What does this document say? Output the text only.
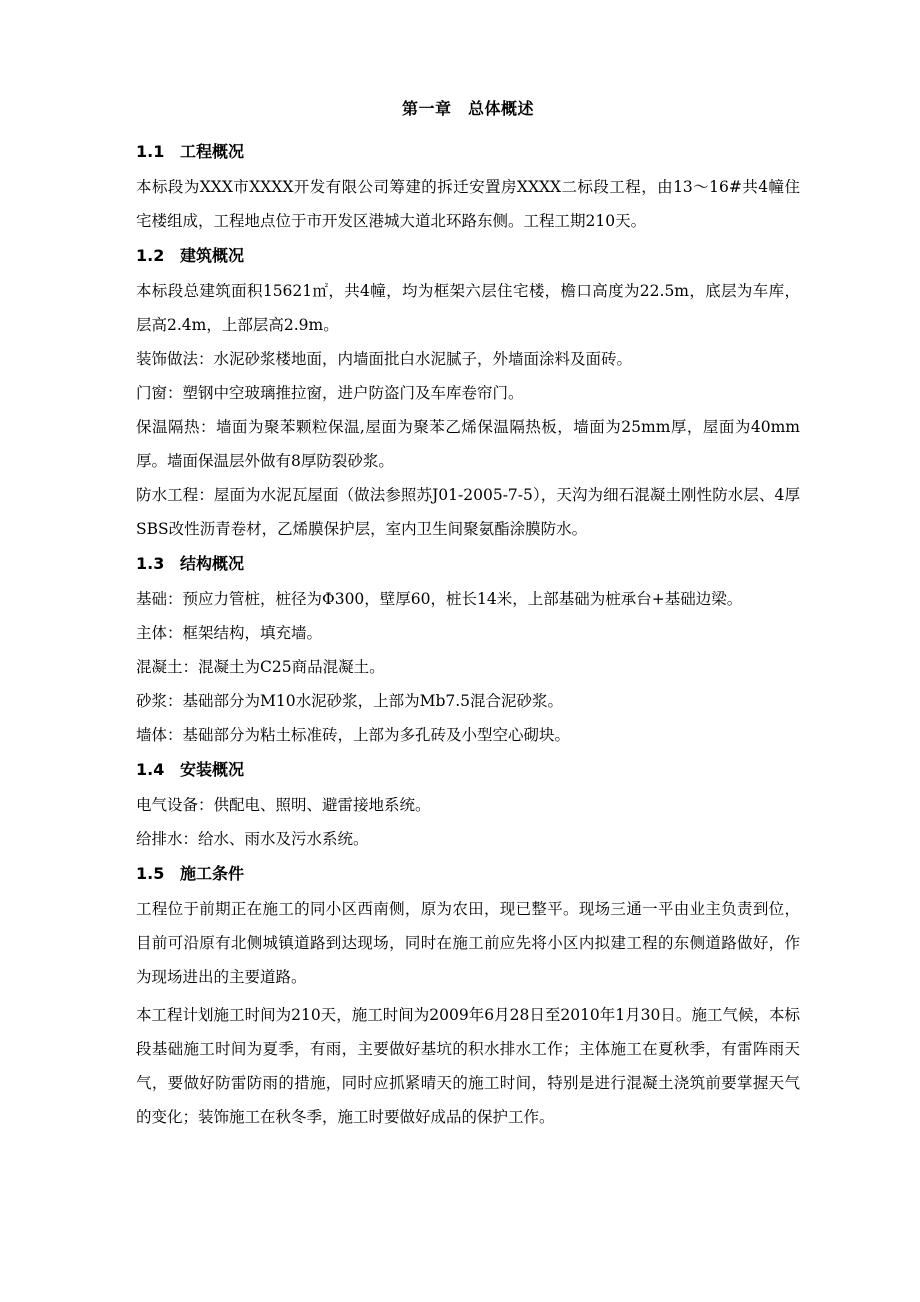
第一章　总体概述
1.1 工程概况

本标段为XXX市XXXX开发有限公司筹建的拆迁安置房XXXX二标段工程，由13～16#共4幢住宅楼组成，工程地点位于市开发区港城大道北环路东侧。工程工期210天。

1.2 建筑概况

本标段总建筑面积15621㎡，共4幢，均为框架六层住宅楼，檐口高度为22.5m，底层为车库，层高2.4m，上部层高2.9m。

装饰做法：水泥砂浆楼地面，内墙面批白水泥腻子，外墙面涂料及面砖。

门窗：塑钢中空玻璃推拉窗，进户防盗门及车库卷帘门。

保温隔热：墙面为聚苯颗粒保温,屋面为聚苯乙烯保温隔热板，墙面为25mm厚，屋面为40mm厚。墙面保温层外做有8厚防裂砂浆。

防水工程：屋面为水泥瓦屋面（做法参照苏J01-2005-7-5），天沟为细石混凝土刚性防水层、4厚SBS改性沥青卷材，乙烯膜保护层，室内卫生间聚氨酯涂膜防水。

1.3 结构概况

基础：预应力管桩，桩径为Φ300，壁厚60，桩长14米，上部基础为桩承台+基础边梁。

主体：框架结构，填充墙。

混凝土：混凝土为C25商品混凝土。

砂浆：基础部分为M10水泥砂浆，上部为Mb7.5混合泥砂浆。

墙体：基础部分为粘土标准砖，上部为多孔砖及小型空心砌块。

1.4 安装概况

电气设备：供配电、照明、避雷接地系统。

给排水：给水、雨水及污水系统。

1.5 施工条件

工程位于前期正在施工的同小区西南侧，原为农田，现已整平。现场三通一平由业主负责到位，目前可沿原有北侧城镇道路到达现场，同时在施工前应先将小区内拟建工程的东侧道路做好，作为现场进出的主要道路。

本工程计划施工时间为210天，施工时间为2009年6月28日至2010年1月30日。施工气候，本标段基础施工时间为夏季，有雨，主要做好基坑的积水排水工作；主体施工在夏秋季，有雷阵雨天气，要做好防雷防雨的措施，同时应抓紧晴天的施工时间，特别是进行混凝土浇筑前要掌握天气的变化；装饰施工在秋冬季，施工时要做好成品的保护工作。
